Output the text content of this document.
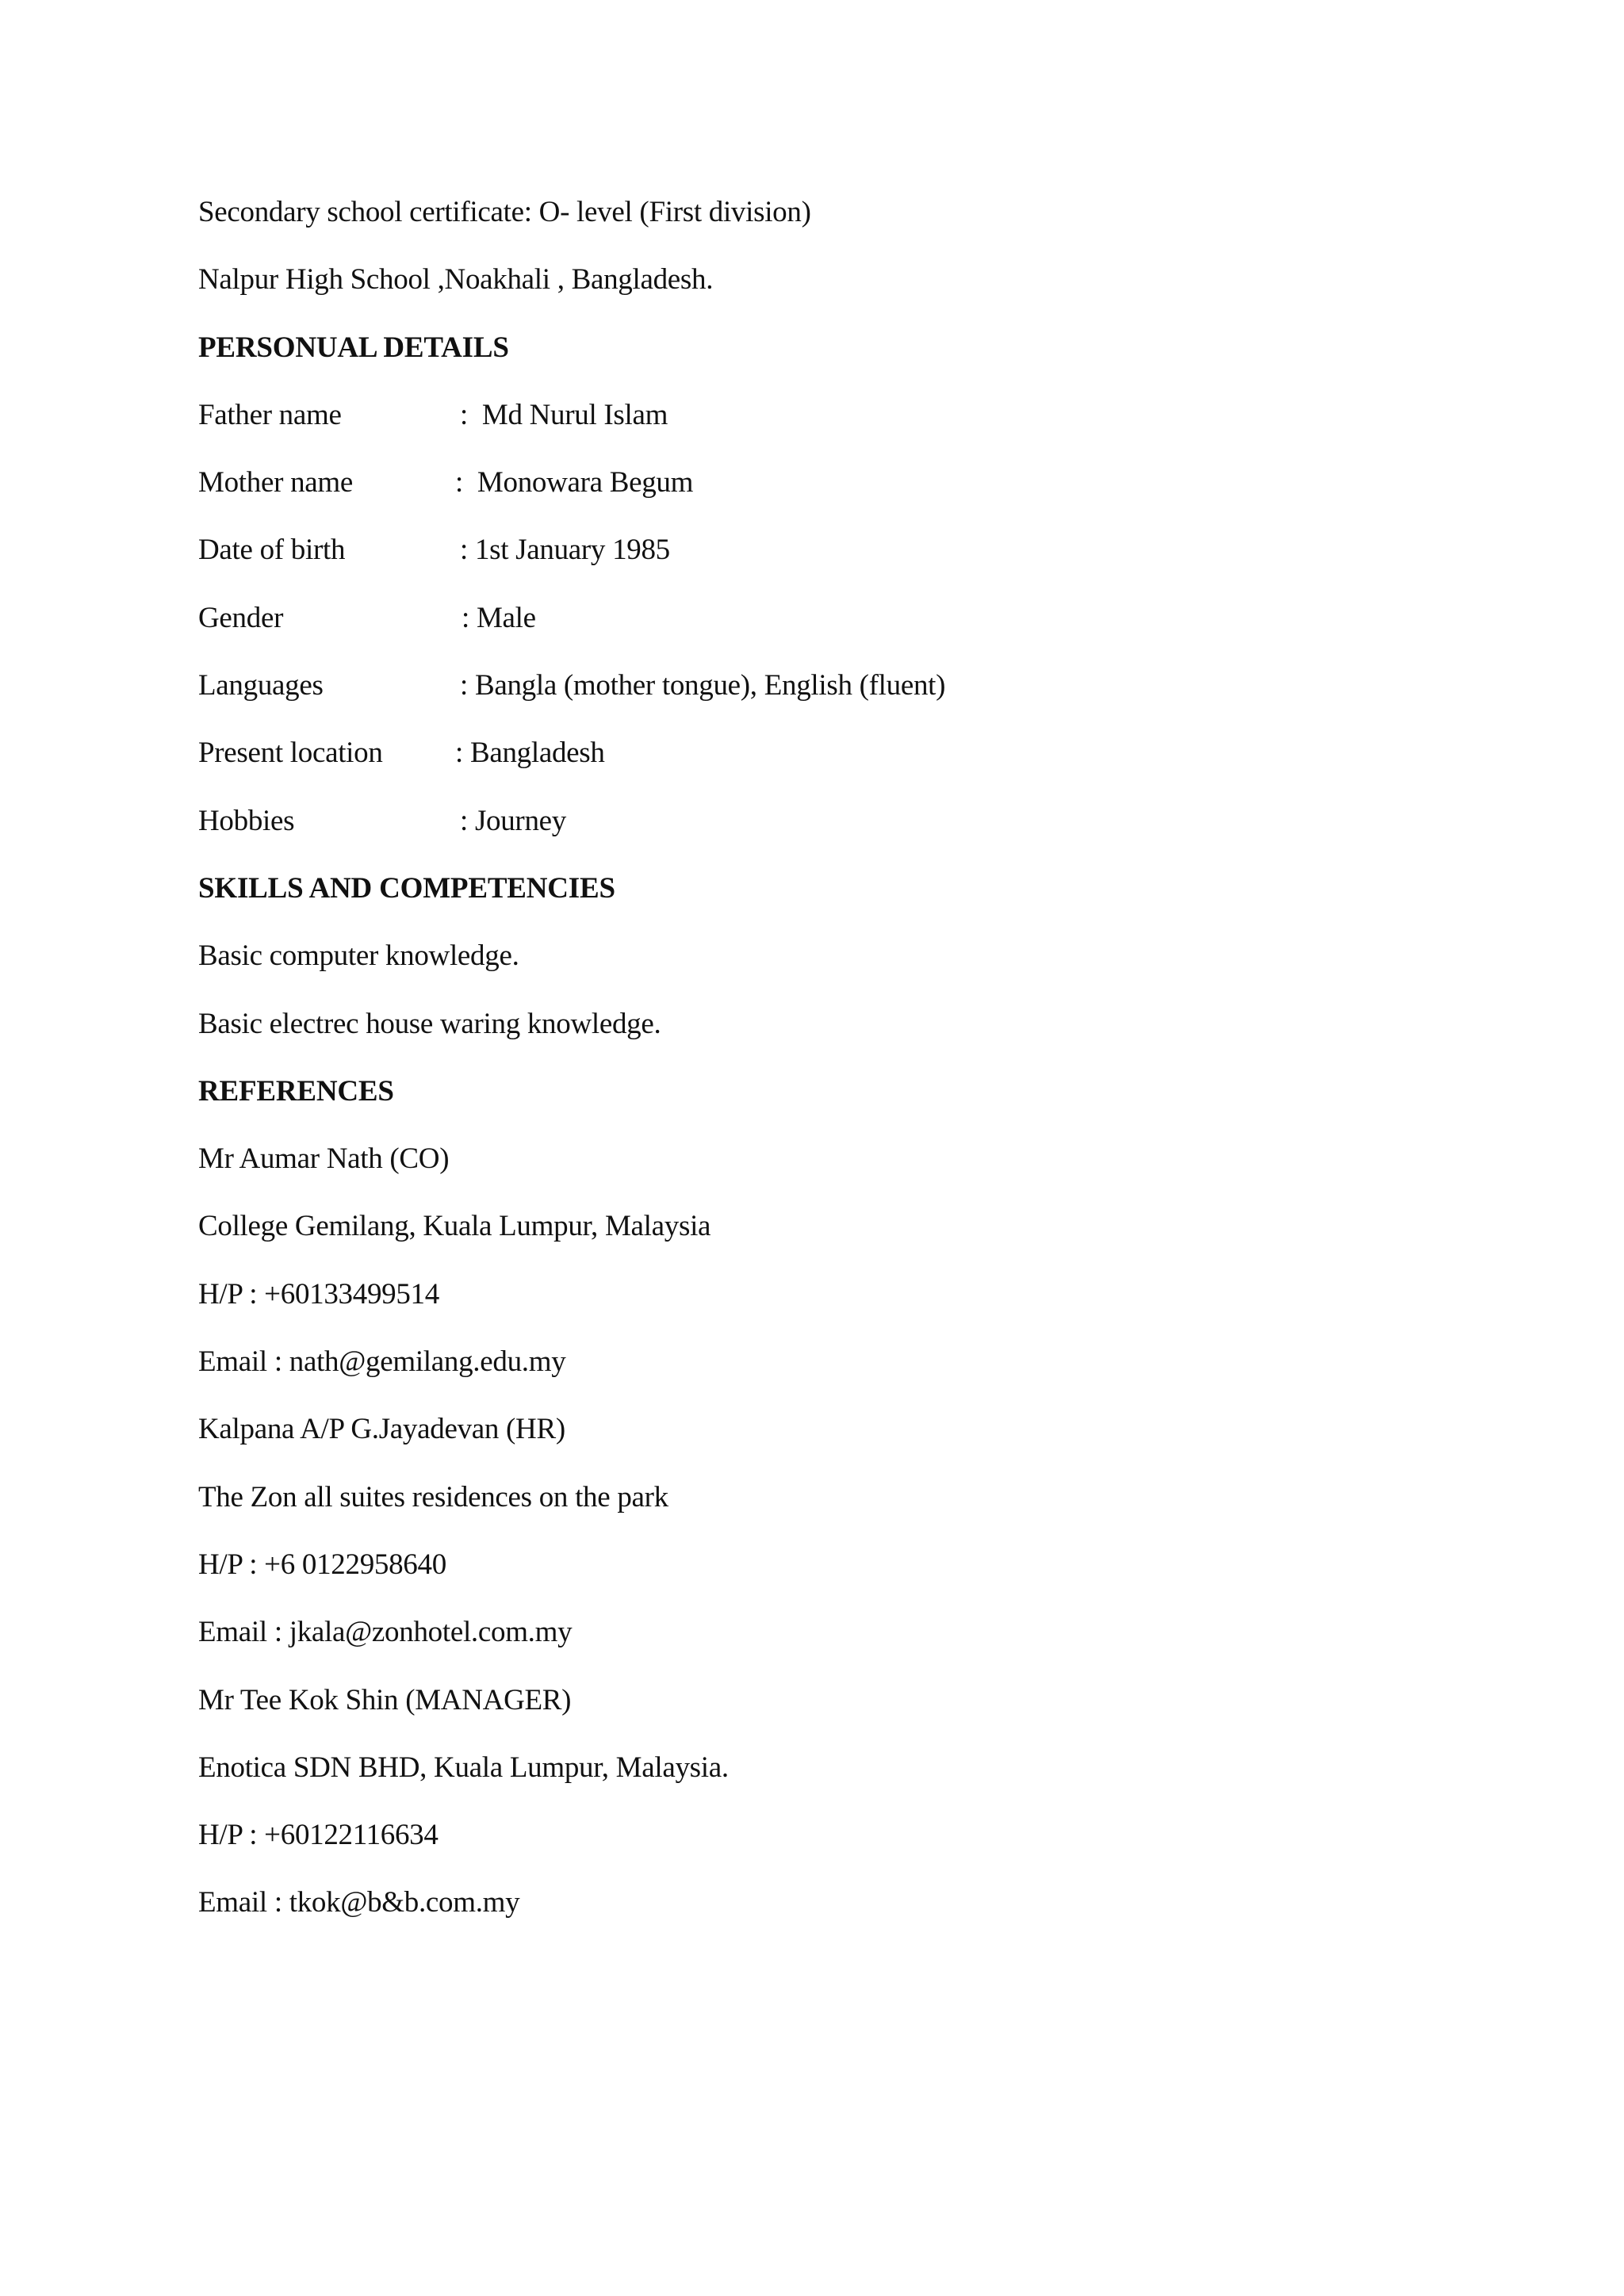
Secondary school certificate: O- level (First division)
Nalpur High School ,Noakhali , Bangladesh.
PERSONUAL DETAILS
Father name	: Md Nurul Islam
Mother name	: Monowara Begum
Date of birth	: 1st January 1985
Gender	: Male
Languages	: Bangla (mother tongue), English (fluent)
Present location : Bangladesh
Hobbies	: Journey
SKILLS AND COMPETENCIES
Basic computer knowledge.
Basic electrec house waring knowledge.
REFERENCES
Mr Aumar Nath (CO)
College Gemilang, Kuala Lumpur, Malaysia
H/P : +60133499514
Email : nath@gemilang.edu.my
Kalpana A/P G.Jayadevan (HR)
The Zon all suites residences on the park
H/P : +6 0122958640
Email : jkala@zonhotel.com.my
Mr Tee Kok Shin (MANAGER)
Enotica SDN BHD, Kuala Lumpur, Malaysia.
H/P : +60122116634
Email : tkok@b&b.com.my
